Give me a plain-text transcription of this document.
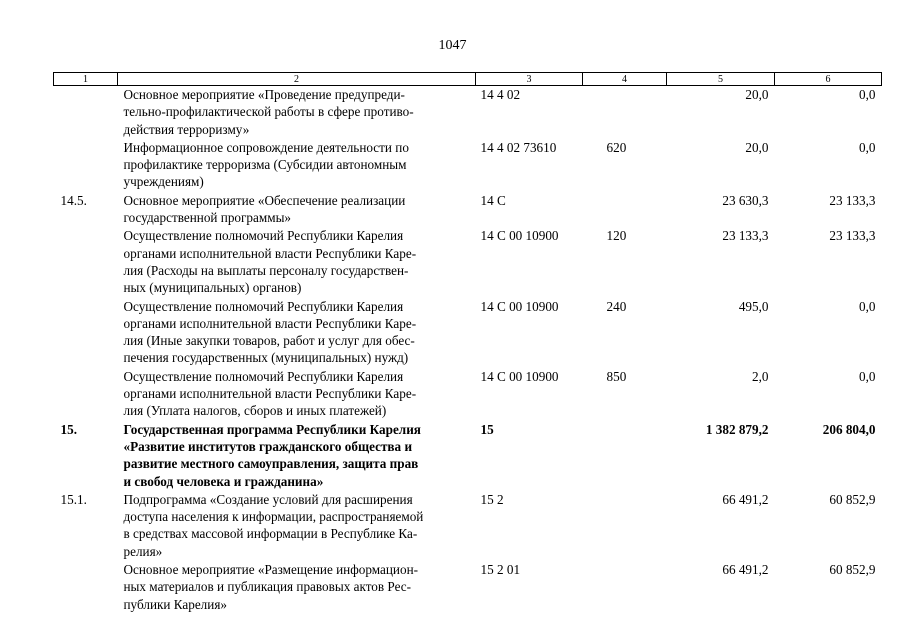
1047
1	2	3	4	5	6

	Основное мероприятие «Проведение предупреди-
тельно-профилактической работы в сфере противо-
действия терроризму»	14 4 02		20,0	0,0

	Информационное сопровождение деятельности по
профилактике терроризма (Субсидии автономным
учреждениям)	14 4 02 73610	620	20,0	0,0
14.5.	Основное мероприятие «Обеспечение реализации
государственной программы»	14 С		23 630,3	23 133,3

	Осуществление полномочий Республики Карелия
органами исполнительной власти Республики Каре-
лия (Расходы на выплаты персоналу государствен-
ных (муниципальных) органов)	14 С 00 10900	120	23 133,3	23 133,3

	Осуществление полномочий Республики Карелия
органами исполнительной власти Республики Каре-
лия (Иные закупки товаров, работ и услуг для обес-
печения государственных (муниципальных) нужд)	14 С 00 10900	240	495,0	0,0

	Осуществление полномочий Республики Карелия
органами исполнительной власти Республики Каре-
лия (Уплата налогов, сборов и иных платежей)	14 С 00 10900	850	2,0	0,0
15.	Государственная программа Республики Карелия
«Развитие институтов гражданского общества и
развитие местного самоуправления, защита прав
и свобод человека и гражданина»	15		1 382 879,2	206 804,0
15.1.	Подпрограмма «Создание условий для расширения
доступа населения к информации, распространяемой
в средствах массовой информации в Республике Ка-
релия»	15 2		66 491,2	60 852,9

	Основное мероприятие «Размещение информацион-
ных материалов и публикация правовых актов Рес-
публики Карелия»	15 2 01		66 491,2	60 852,9
